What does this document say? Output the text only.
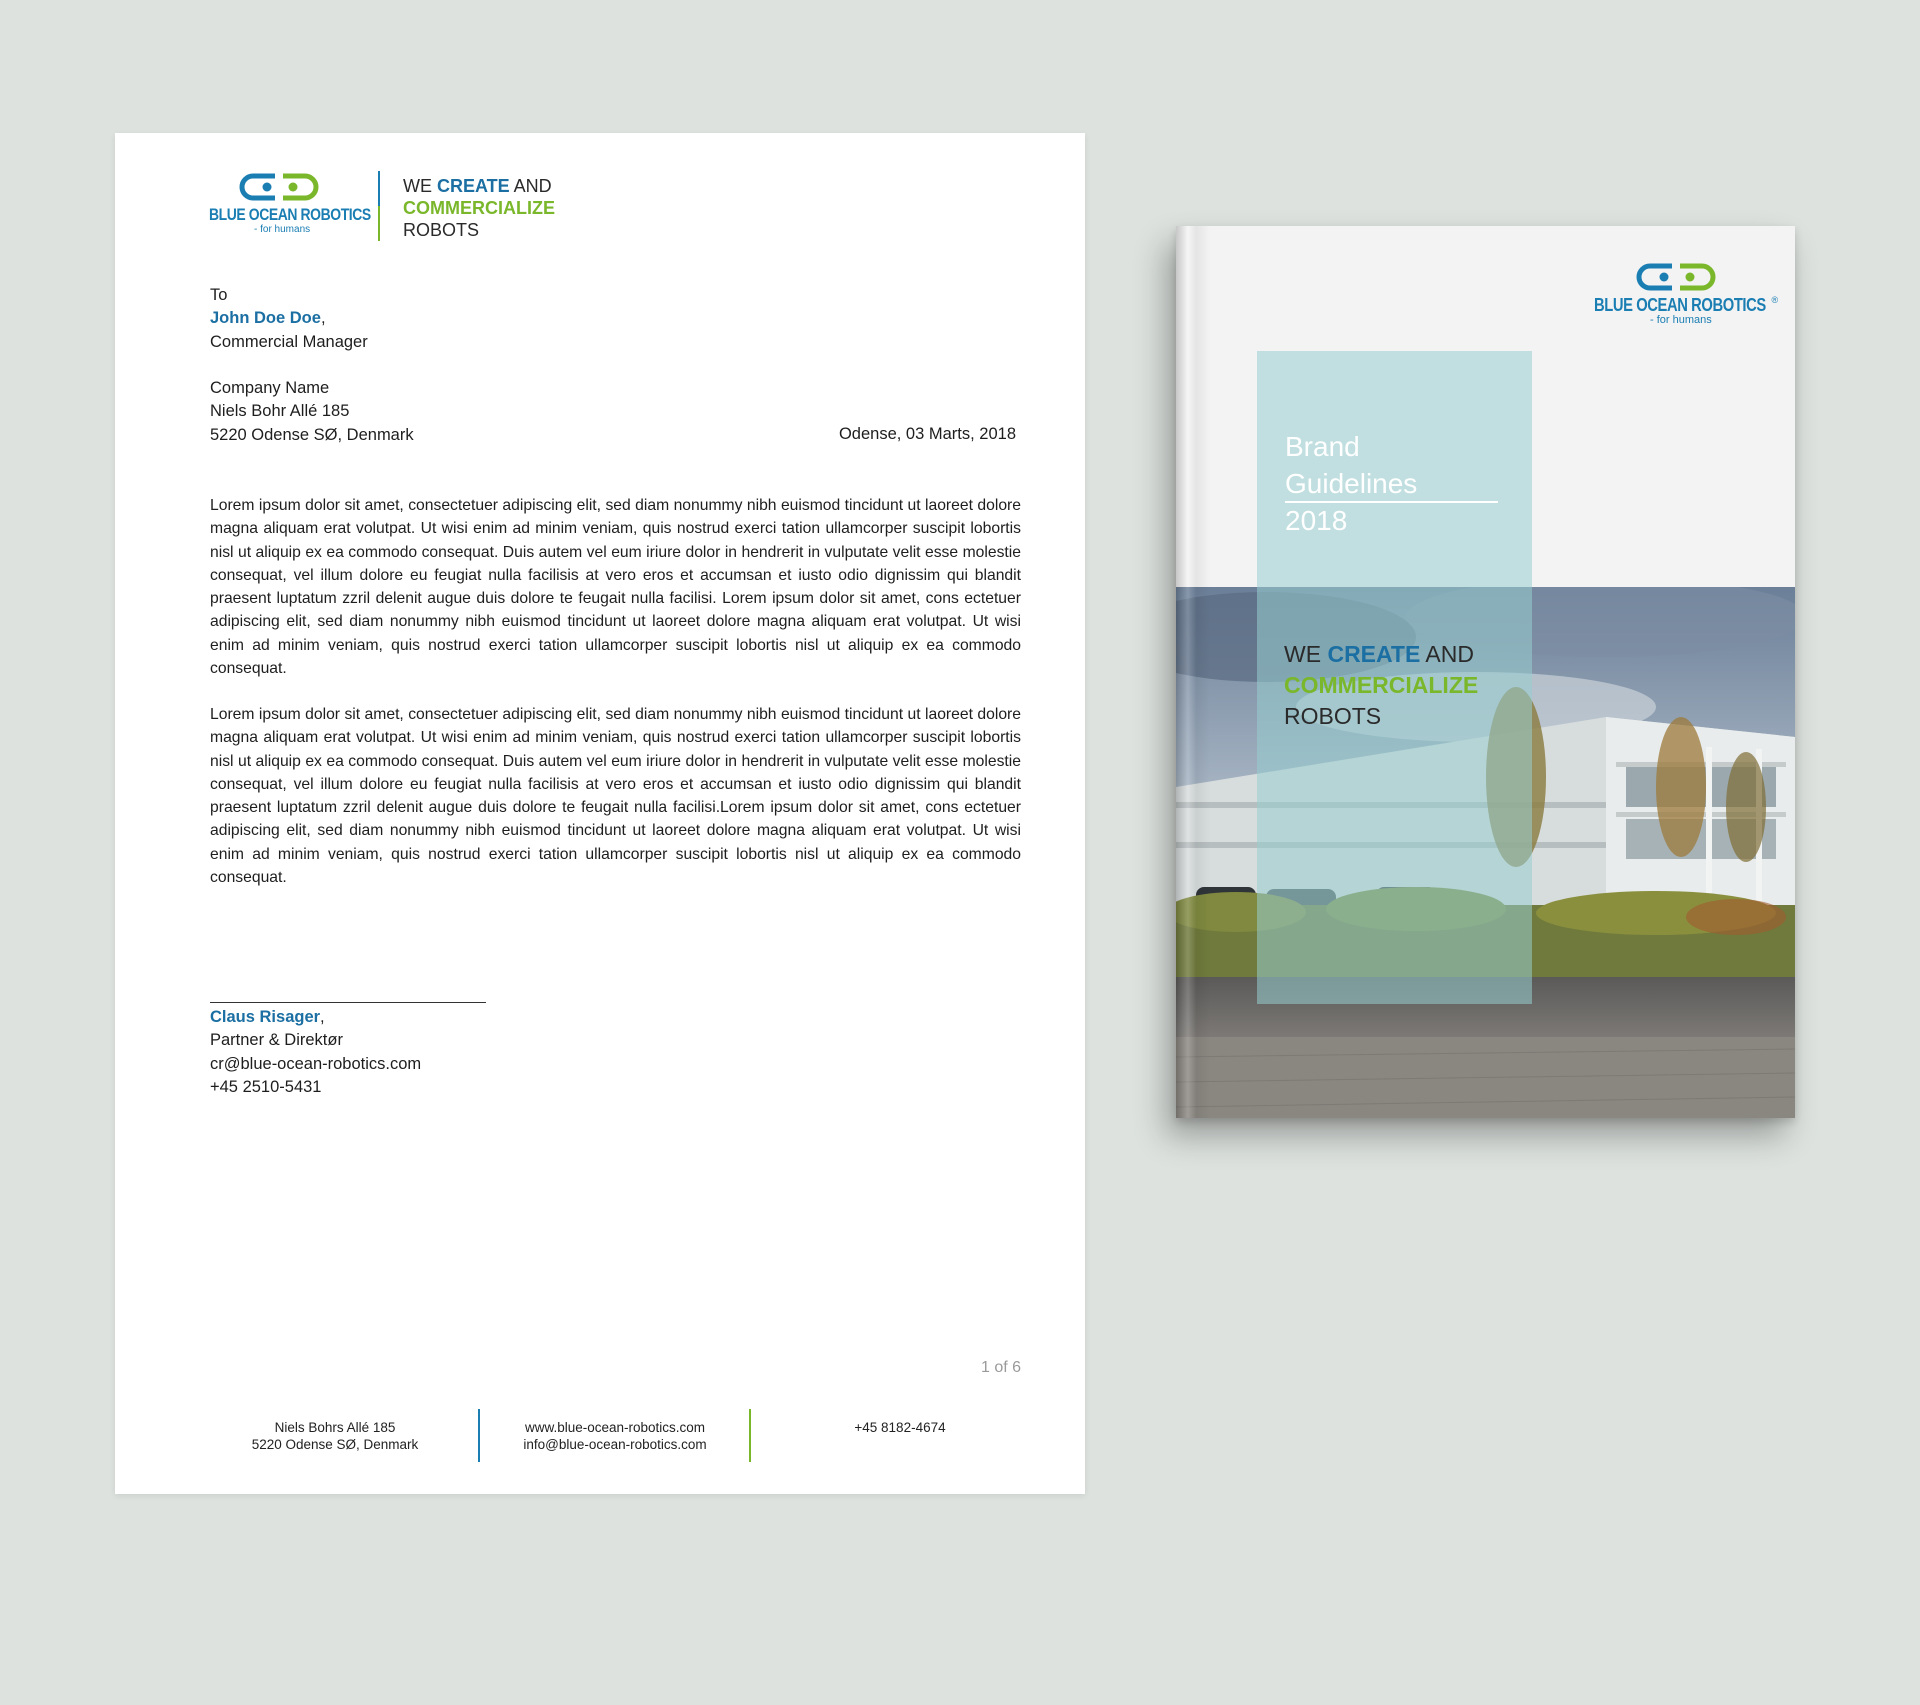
BLUE OCEAN ROBOTICS
- for humans
WE CREATE AND
COMMERCIALIZE
ROBOTS
To
John Doe Doe,
Commercial Manager
Company Name
Niels Bohr Allé 185
5220 Odense SØ, Denmark	Odense, 03 Marts, 2018
Lorem ipsum dolor sit amet, consectetuer adipiscing elit, sed diam nonummy nibh euismod tincidunt ut laoreet dolore magna aliquam erat volutpat. Ut wisi enim ad minim veniam, quis nostrud exerci tation ullamcorper suscipit lobortis nisl ut aliquip ex ea commodo consequat. Duis autem vel eum iriure dolor in hendrerit in vulputate velit esse molestie consequat, vel illum dolore eu feugiat nulla facilisis at vero eros et accumsan et iusto odio dignissim qui blandit praesent luptatum zzril delenit augue duis dolore te feugait nulla facilisi. Lorem ipsum dolor sit amet, cons ectetuer adipiscing elit, sed diam nonummy nibh euismod tincidunt ut laoreet dolore magna aliquam erat volutpat. Ut wisi enim ad minim veniam, quis nostrud exerci tation ullamcorper suscipit lobortis nisl ut aliquip ex ea commodo consequat.
Lorem ipsum dolor sit amet, consectetuer adipiscing elit, sed diam nonummy nibh euismod tincidunt ut laoreet dolore magna aliquam erat volutpat. Ut wisi enim ad minim veniam, quis nostrud exerci tation ullamcorper suscipit lobortis nisl ut aliquip ex ea commodo consequat. Duis autem vel eum iriure dolor in hendrerit in vulputate velit esse molestie consequat, vel illum dolore eu feugiat nulla facilisis at vero eros et accumsan et iusto odio dignissim qui blandit praesent luptatum zzril delenit augue duis dolore te feugait nulla facilisi.Lorem ipsum dolor sit amet, cons ectetuer adipiscing elit, sed diam nonummy nibh euismod tincidunt ut laoreet dolore magna aliquam erat volutpat. Ut wisi enim ad minim veniam, quis nostrud exerci tation ullamcorper suscipit lobortis nisl ut aliquip ex ea commodo consequat.
Claus Risager,
Partner & Direktør
cr@blue-ocean-robotics.com
+45 2510-5431
1 of 6
Niels Bohrs Allé 185
5220 Odense SØ, Denmark
www.blue-ocean-robotics.com
info@blue-ocean-robotics.com
+45 8182-4674
BLUE OCEAN ROBOTICS ®
- for humans
Brand
Guidelines
2018
WE CREATE AND
COMMERCIALIZE
ROBOTS
